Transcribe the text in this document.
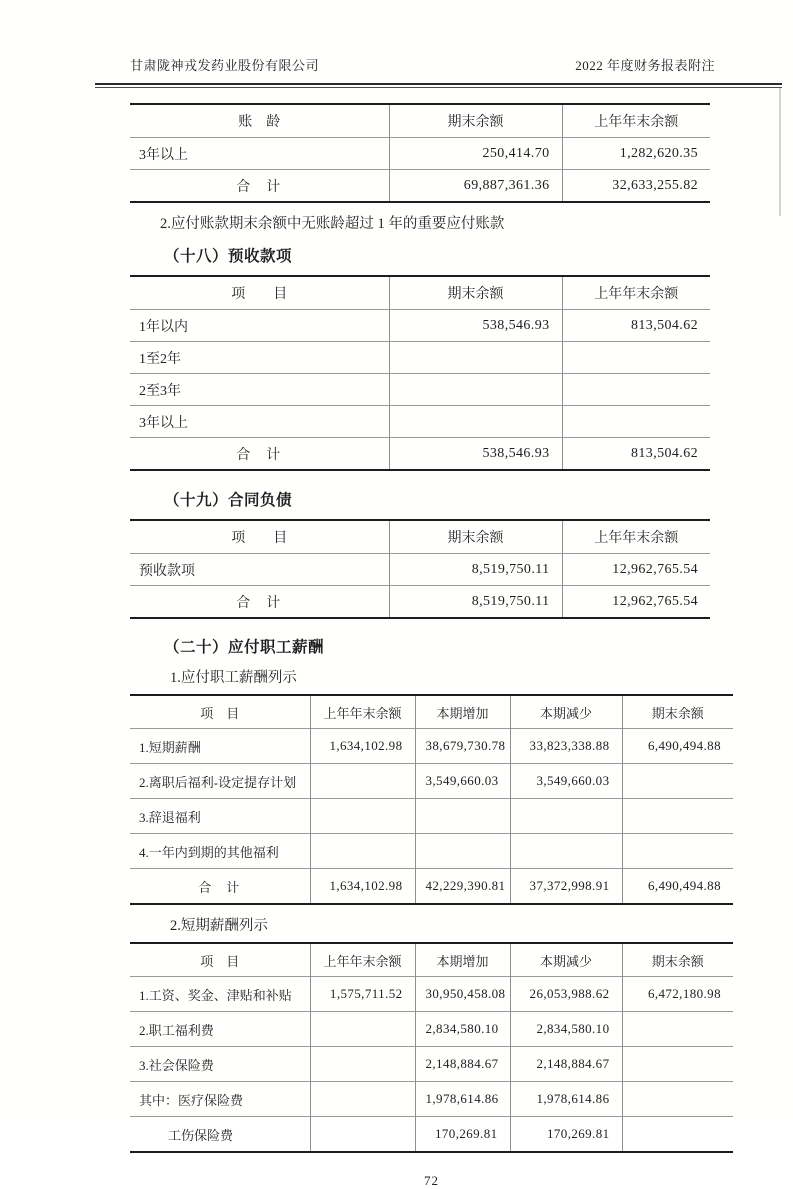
甘肃陇神戎发药业股份有限公司	2022 年度财务报表附注
账　龄	期末余额	上年年末余额
3年以上	250,414.70	1,282,620.35
合　计	69,887,361.36	32,633,255.82
2.应付账款期末余额中无账龄超过 1 年的重要应付账款
（十八）预收款项
项　　目	期末余额	上年年末余额
1年以内	538,546.93	813,504.62
1至2年		
2至3年		
3年以上		
合　计	538,546.93	813,504.62
（十九）合同负债
项　　目	期末余额	上年年末余额
预收款项	8,519,750.11	12,962,765.54
合　计	8,519,750.11	12,962,765.54
（二十）应付职工薪酬
1.应付职工薪酬列示
项　目	上年年末余额	本期增加	本期减少	期末余额
1.短期薪酬	1,634,102.98	38,679,730.78	33,823,338.88	6,490,494.88
2.离职后福利-设定提存计划		3,549,660.03	3,549,660.03	
3.辞退福利				
4.一年内到期的其他福利				
合　计	1,634,102.98	42,229,390.81	37,372,998.91	6,490,494.88
2.短期薪酬列示
项　目	上年年末余额	本期增加	本期减少	期末余额
1.工资、奖金、津贴和补贴	1,575,711.52	30,950,458.08	26,053,988.62	6,472,180.98
2.职工福利费		2,834,580.10	2,834,580.10	
3.社会保险费		2,148,884.67	2,148,884.67	
其中：医疗保险费		1,978,614.86	1,978,614.86	
工伤保险费		170,269.81	170,269.81	
72
